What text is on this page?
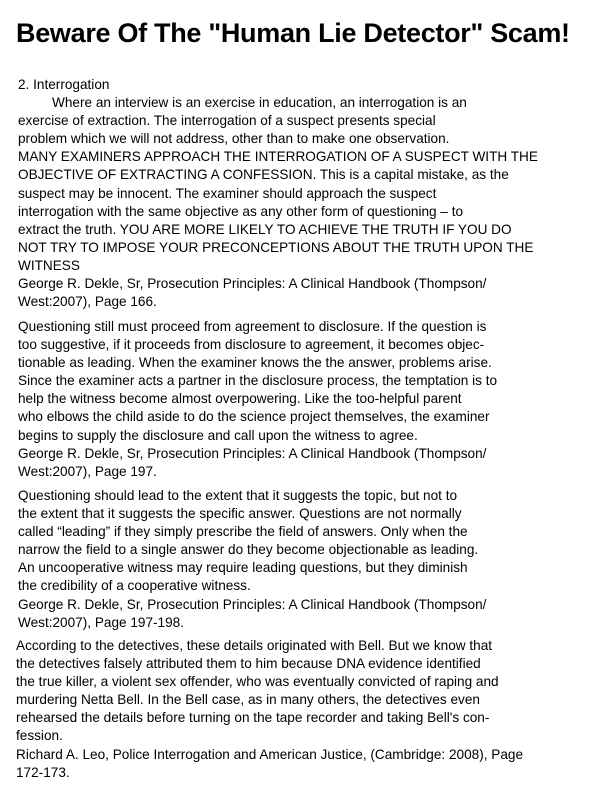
Beware Of The "Human Lie Detector" Scam!
2. Interrogation
Where an interview is an exercise in education, an interrogation is an
exercise of extraction. The interrogation of a suspect presents special
problem which we will not address, other than to make one observation.
MANY EXAMINERS APPROACH THE INTERROGATION OF A SUSPECT WITH THE
OBJECTIVE OF EXTRACTING A CONFESSION. This is a capital mistake, as the
suspect may be innocent. The examiner should approach the suspect
interrogation with the same objective as any other form of questioning – to
extract the truth. YOU ARE MORE LIKELY TO ACHIEVE THE TRUTH IF YOU DO
NOT TRY TO IMPOSE YOUR PRECONCEPTIONS ABOUT THE TRUTH UPON THE
WITNESS
George R. Dekle, Sr, Prosecution Principles: A Clinical Handbook (Thompson/
West:2007), Page 166.
Questioning still must proceed from agreement to disclosure. If the question is
too suggestive, if it proceeds from disclosure to agreement, it becomes objec-
tionable as leading. When the examiner knows the the answer, problems arise.
Since the examiner acts a partner in the disclosure process, the temptation is to
help the witness become almost overpowering. Like the too-helpful parent
who elbows the child aside to do the science project themselves, the examiner
begins to supply the disclosure and call upon the witness to agree.
George R. Dekle, Sr, Prosecution Principles: A Clinical Handbook (Thompson/
West:2007), Page 197.
Questioning should lead to the extent that it suggests the topic, but not to
the extent that it suggests the specific answer. Questions are not normally
called “leading” if they simply prescribe the field of answers. Only when the
narrow the field to a single answer do they become objectionable as leading.
An uncooperative witness may require leading questions, but they diminish
the credibility of a cooperative witness.
George R. Dekle, Sr, Prosecution Principles: A Clinical Handbook (Thompson/
West:2007), Page 197-198.
According to the detectives, these details originated with Bell. But we know that
the detectives falsely attributed them to him because DNA evidence identified
the true killer, a violent sex offender, who was eventually convicted of raping and
murdering Netta Bell. In the Bell case, as in many others, the detectives even
rehearsed the details before turning on the tape recorder and taking Bell's con-
fession.
Richard A. Leo, Police Interrogation and American Justice, (Cambridge: 2008), Page
172-173.
